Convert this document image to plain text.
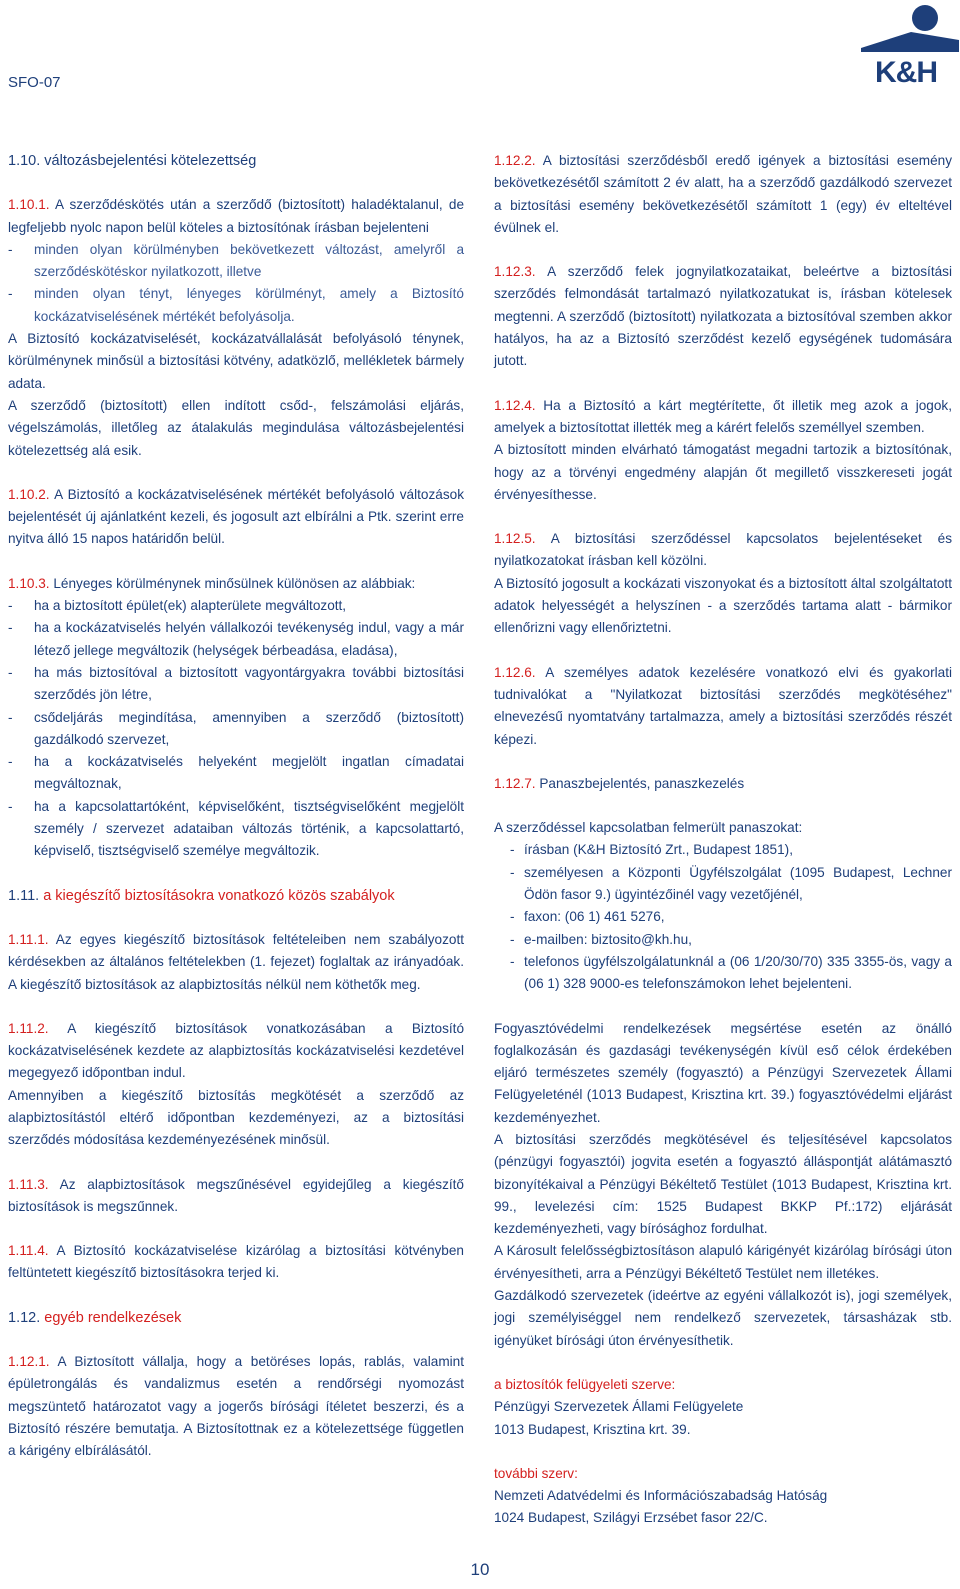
SFO-07	K&H

1.10. változásbejelentési kötelezettség

1.10.1. A szerződéskötés után a szerződő (biztosított) haladéktalanul, de legfeljebb nyolc napon belül köteles a biztosítónak írásban bejelenteni

-	minden olyan körülményben bekövetkezett változást, amelyről a szerződéskötéskor nyilatkozott, illetve
-	minden olyan tényt, lényeges körülményt, amely a Biztosító kockázatviselésének mértékét befolyásolja.

A Biztosító kockázatviselését, kockázatvállalását befolyásoló ténynek, körülménynek minősül a biztosítási kötvény, adatközlő, mellékletek bármely adata.

A szerződő (biztosított) ellen indított csőd-, felszámolási eljárás, végelszámolás, illetőleg az átalakulás megindulása változásbejelentési kötelezettség alá esik.

1.10.2. A Biztosító a kockázatviselésének mértékét befolyásoló változások bejelentését új ajánlatként kezeli, és jogosult azt elbírálni a Ptk. szerint erre nyitva álló 15 napos határidőn belül.

1.10.3. Lényeges körülménynek minősülnek különösen az alábbiak:

-	ha a biztosított épület(ek) alapterülete megváltozott,
-	ha a kockázatviselés helyén vállalkozói tevékenység indul, vagy a már létező jellege megváltozik (helységek bérbeadása, eladása),
-	ha más biztosítóval a biztosított vagyontárgyakra további biztosítási szerződés jön létre,
-	csődeljárás megindítása, amennyiben a szerződő (biztosított) gazdálkodó szervezet,
-	ha a kockázatviselés helyeként megjelölt ingatlan címadatai megváltoznak,
-	ha a kapcsolattartóként, képviselőként, tisztségviselőként megjelölt személy / szervezet adataiban változás történik, a kapcsolattartó, képviselő, tisztségviselő személye megváltozik.

1.11. a kiegészítő biztosításokra vonatkozó közös szabályok

1.11.1. Az egyes kiegészítő biztosítások feltételeiben nem szabályozott kérdésekben az általános feltételekben (1. fejezet) foglaltak az irányadóak. A kiegészítő biztosítások az alapbiztosítás nélkül nem köthetők meg.

1.11.2. A kiegészítő biztosítások vonatkozásában a Biztosító kockázatviselésének kezdete az alapbiztosítás kockázatviselési kezdetével megegyező időpontban indul.

Amennyiben a kiegészítő biztosítás megkötését a szerződő az alapbiztosítástól eltérő időpontban kezdeményezi, az a biztosítási szerződés módosítása kezdeményezésének minősül.

1.11.3. Az alapbiztosítások megszűnésével egyidejűleg a kiegészítő biztosítások is megszűnnek.

1.11.4. A Biztosító kockázatviselése kizárólag a biztosítási kötvényben feltüntetett kiegészítő biztosításokra terjed ki.

1.12. egyéb rendelkezések

1.12.1. A Biztosított vállalja, hogy a betöréses lopás, rablás, valamint épületrongálás és vandalizmus esetén a rendőrségi nyomozást megszüntető határozatot vagy a jogerős bírósági ítéletet beszerzi, és a Biztosító részére bemutatja. A Biztosítottnak ez a kötelezettsége független a kárigény elbírálásától.

1.12.2. A biztosítási szerződésből eredő igények a biztosítási esemény bekövetkezésétől számított 2 év alatt, ha a szerződő gazdálkodó szervezet a biztosítási esemény bekövetkezésétől számított 1 (egy) év elteltével évülnek el.

1.12.3. A szerződő felek jognyilatkozataikat, beleértve a biztosítási szerződés felmondását tartalmazó nyilatkozatukat is, írásban kötelesek megtenni. A szerződő (biztosított) nyilatkozata a biztosítóval szemben akkor hatályos, ha az a Biztosító szerződést kezelő egységének tudomására jutott.

1.12.4. Ha a Biztosító a kárt megtérítette, őt illetik meg azok a jogok, amelyek a biztosítottat illették meg a kárért felelős személlyel szemben.

A biztosított minden elvárható támogatást megadni tartozik a biztosítónak, hogy az a törvényi engedmény alapján őt megillető visszkereseti jogát érvényesíthesse.

1.12.5. A biztosítási szerződéssel kapcsolatos bejelentéseket és nyilatkozatokat írásban kell közölni.

A Biztosító jogosult a kockázati viszonyokat és a biztosított által szolgáltatott adatok helyességét a helyszínen - a szerződés tartama alatt - bármikor ellenőrizni vagy ellenőriztetni.

1.12.6. A személyes adatok kezelésére vonatkozó elvi és gyakorlati tudnivalókat a "Nyilatkozat biztosítási szerződés megkötéséhez" elnevezésű nyomtatvány tartalmazza, amely a biztosítási szerződés részét képezi.

1.12.7. Panaszbejelentés, panaszkezelés

A szerződéssel kapcsolatban felmerült panaszokat:

- írásban (K&H Biztosító Zrt., Budapest 1851),
- személyesen a Központi Ügyfélszolgálat (1095 Budapest, Lechner Ödön fasor 9.) ügyintézőinél vagy vezetőjénél,
- faxon: (06 1) 461 5276,
- e-mailben: biztosito@kh.hu,
- telefonos ügyfélszolgálatunknál a (06 1/20/30/70) 335 3355-ös, vagy a (06 1) 328 9000-es telefonszámokon lehet bejelenteni.

Fogyasztóvédelmi rendelkezések megsértése esetén az önálló foglalkozásán és gazdasági tevékenységén kívül eső célok érdekében eljáró természetes személy (fogyasztó) a Pénzügyi Szervezetek Állami Felügyeleténél (1013 Budapest, Krisztina krt. 39.) fogyasztóvédelmi eljárást kezdeményezhet.

A biztosítási szerződés megkötésével és teljesítésével kapcsolatos (pénzügyi fogyasztói) jogvita esetén a fogyasztó álláspontját alátámasztó bizonyítékaival a Pénzügyi Békéltető Testület (1013 Budapest, Krisztina krt. 99., levelezési cím: 1525 Budapest BKKP Pf.:172) eljárását kezdeményezheti, vagy bírósághoz fordulhat.

A Károsult felelősségbiztosításon alapuló kárigényét kizárólag bírósági úton érvényesítheti, arra a Pénzügyi Békéltető Testület nem illetékes.

Gazdálkodó szervezetek (ideértve az egyéni vállalkozót is), jogi személyek, jogi személyiséggel nem rendelkező szervezetek, társasházak stb. igényüket bírósági úton érvényesíthetik.

a biztosítók felügyeleti szerve:

Pénzügyi Szervezetek Állami Felügyelete

1013 Budapest, Krisztina krt. 39.

további szerv:

Nemzeti Adatvédelmi és Információszabadság Hatóság

1024 Budapest, Szilágyi Erzsébet fasor 22/C.

10
